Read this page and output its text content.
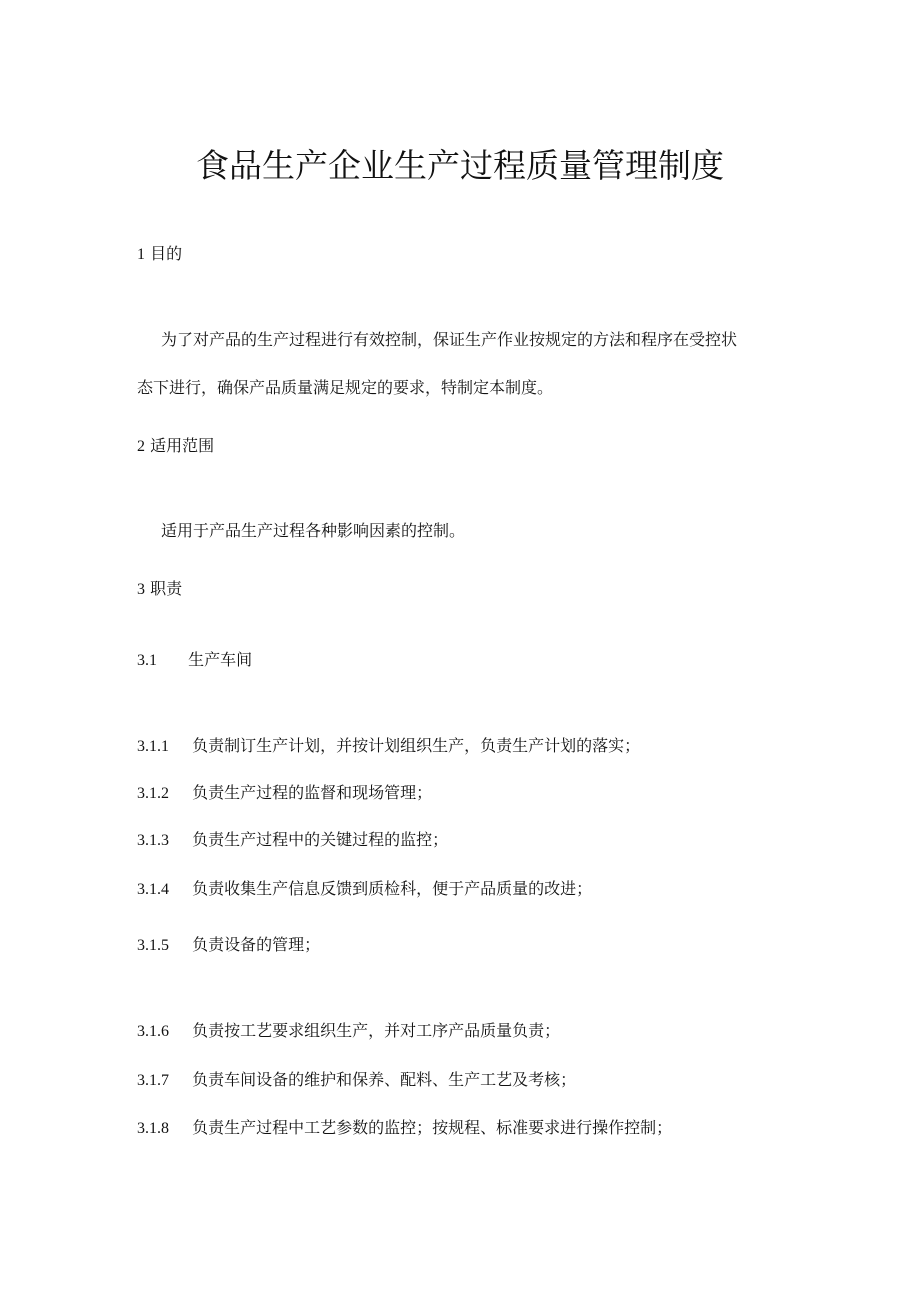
食品生产企业生产过程质量管理制度
1 目的
为了对产品的生产过程进行有效控制，保证生产作业按规定的方法和程序在受控状
态下进行，确保产品质量满足规定的要求，特制定本制度。
2 适用范围
适用于产品生产过程各种影响因素的控制。
3 职责
3.1 生产车间
3.1.1 负责制订生产计划，并按计划组织生产，负责生产计划的落实；
3.1.2 负责生产过程的监督和现场管理；
3.1.3 负责生产过程中的关键过程的监控；
3.1.4 负责收集生产信息反馈到质检科，便于产品质量的改进；
3.1.5 负责设备的管理；
3.1.6 负责按工艺要求组织生产，并对工序产品质量负责；
3.1.7 负责车间设备的维护和保养、配料、生产工艺及考核；
3.1.8 负责生产过程中工艺参数的监控；按规程、标准要求进行操作控制；
